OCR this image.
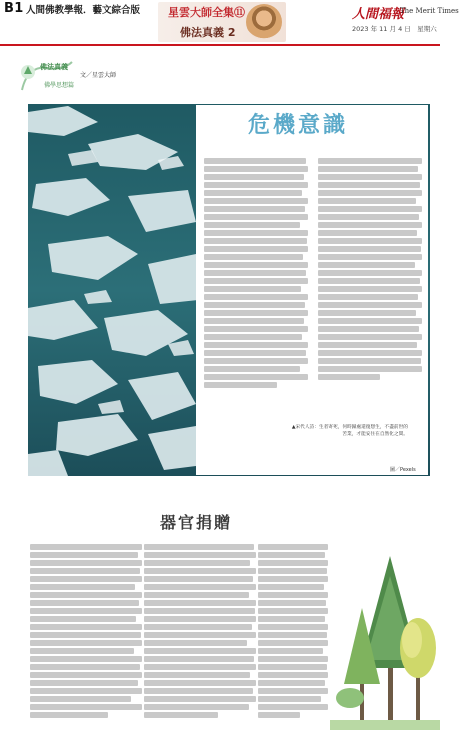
B1 人間佛教學報．藝文綜合版	星雲大師全集⑪
佛法真義 2
人間福報
The Merit Times
2023 年 11 月 4 日　星期六
佛法真義
佛學思想篇
文／星雲大師
危機意識
▲宋代人詩：生者寄死，何時歸處還復想生，不盡前世的苦業，才能安住在自然化之間。
圖／Pexels
器官捐贈
